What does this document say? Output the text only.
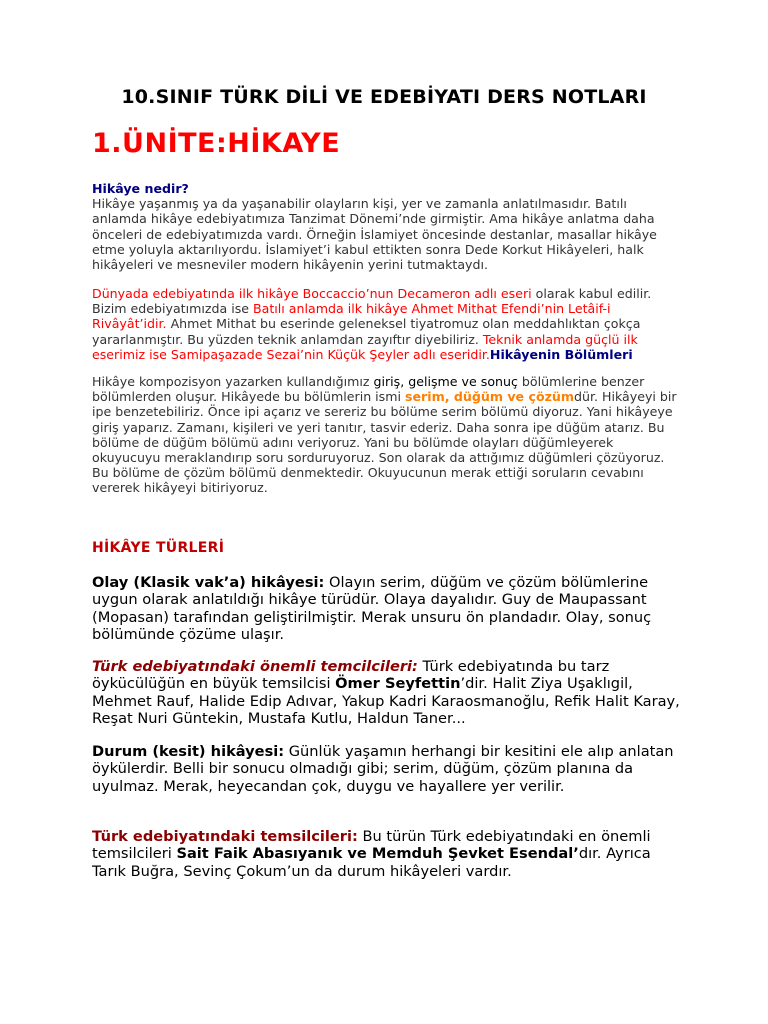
10.SINIF TÜRK DİLİ VE EDEBİYATI DERS NOTLARI
1.ÜNİTE:HİKAYE
Hikâye nedir?
Hikâye yaşanmış ya da yaşanabilir olayların kişi, yer ve zamanla anlatılmasıdır. Batılı anlamda hikâye edebiyatımıza Tanzimat Dönemi’nde girmiştir. Ama hikâye anlatma daha önceleri de edebiyatımızda vardı. Örneğin İslamiyet öncesinde destanlar, masallar hikâye etme yoluyla aktarılıyordu. İslamiyet’i kabul ettikten sonra Dede Korkut Hikâyeleri, halk hikâyeleri ve mesneviler modern hikâyenin yerini tutmaktaydı.
Dünyada edebiyatında ilk hikâye Boccaccio’nun Decameron adlı eseri olarak kabul edilir.
Bizim edebiyatımızda ise Batılı anlamda ilk hikâye Ahmet Mithat Efendi’nin Letâif-i Rivâyât’idir. Ahmet Mithat bu eserinde geleneksel tiyatromuz olan meddahlıktan çokça yararlanmıştır. Bu yüzden teknik anlamdan zayıftır diyebiliriz. Teknik anlamda güçlü ilk eserimiz ise Samipaşazade Sezai’nin Küçük Şeyler adlı eseridir.Hikâyenin Bölümleri
Hikâye kompozisyon yazarken kullandığımız giriş, gelişme ve sonuç bölümlerine benzer bölümlerden oluşur. Hikâyede bu bölümlerin ismi serim, düğüm ve çözümdür. Hikâyeyi bir ipe benzetebiliriz. Önce ipi açarız ve sereriz bu bölüme serim bölümü diyoruz. Yani hikâyeye giriş yaparız. Zamanı, kişileri ve yeri tanıtır, tasvir ederiz. Daha sonra ipe düğüm atarız. Bu bölüme de düğüm bölümü adını veriyoruz. Yani bu bölümde olayları düğümleyerek okuyucuyu meraklandırıp soru sorduruyoruz. Son olarak da attığımız düğümleri çözüyoruz. Bu bölüme de çözüm bölümü denmektedir. Okuyucunun merak ettiği soruların cevabını vererek hikâyeyi bitiriyoruz.
HİKÂYE TÜRLERİ
Olay (Klasik vak’a) hikâyesi: Olayın serim, düğüm ve çözüm bölümlerine uygun olarak anlatıldığı hikâye türüdür. Olaya dayalıdır. Guy de Maupassant (Mopasan) tarafından geliştirilmiştir. Merak unsuru ön plandadır. Olay, sonuç bölümünde çözüme ulaşır.
Türk edebiyatındaki önemli temcilcileri: Türk edebiyatında bu tarz öykücülüğün en büyük temsilcisi Ömer Seyfettin’dir. Halit Ziya Uşaklıgil, Mehmet Rauf, Halide Edip Adıvar, Yakup Kadri Karaosmanoğlu, Refik Halit Karay, Reşat Nuri Güntekin, Mustafa Kutlu, Haldun Taner...
Durum (kesit) hikâyesi: Günlük yaşamın herhangi bir kesitini ele alıp anlatan öykülerdir. Belli bir sonucu olmadığı gibi; serim, düğüm, çözüm planına da uyulmaz. Merak, heyecandan çok, duygu ve hayallere yer verilir.
Türk edebiyatındaki temsilcileri: Bu türün Türk edebiyatındaki en önemli temsilcileri Sait Faik Abasıyanık ve Memduh Şevket Esendal’dır. Ayrıca Tarık Buğra, Sevinç Çokum’un da durum hikâyeleri vardır.
